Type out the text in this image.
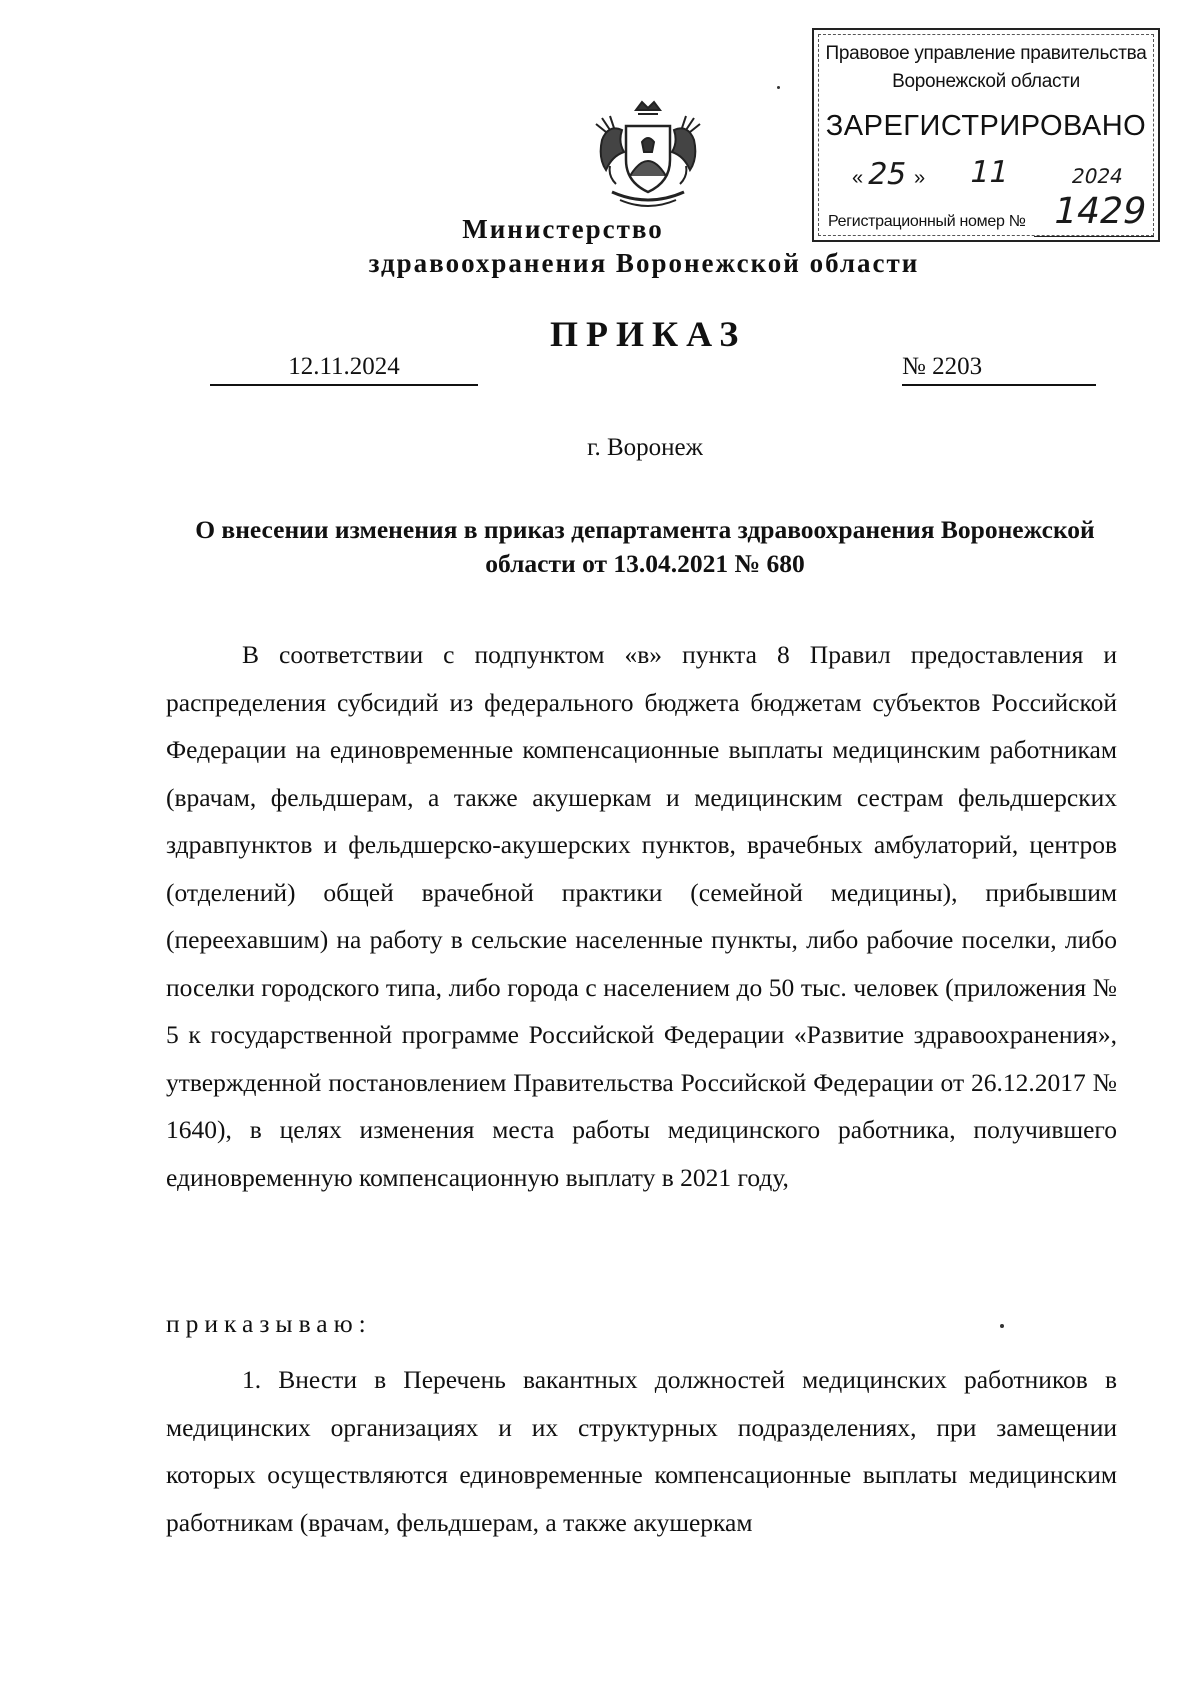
Правовое управление правительства
Воронежской области
ЗАРЕГИСТРИРОВАНО
« 25 » 11	2024
Регистрационный номер № 1429
Министерство
здравоохранения Воронежской области
ПРИКАЗ
12.11.2024	№ 2203
г. Воронеж
О внесении изменения в приказ департамента здравоохранения Воронежской области от 13.04.2021 № 680
В соответствии с подпунктом «в» пункта 8 Правил предоставления и распределения субсидий из федерального бюджета бюджетам субъектов Российской Федерации на единовременные компенсационные выплаты медицинским работникам (врачам, фельдшерам, а также акушеркам и медицинским сестрам фельдшерских здравпунктов и фельдшерско-акушерских пунктов, врачебных амбулаторий, центров (отделений) общей врачебной практики (семейной медицины), прибывшим (переехавшим) на работу в сельские населенные пункты, либо рабочие поселки, либо поселки городского типа, либо города с населением до 50 тыс. человек (приложения № 5 к государственной программе Российской Федерации «Развитие здравоохранения», утвержденной постановлением Правительства Российской Федерации от 26.12.2017 № 1640), в целях изменения места работы медицинского работника, получившего единовременную компенсационную выплату в 2021 году,
приказываю:
1. Внести в Перечень вакантных должностей медицинских работников в медицинских организациях и их структурных подразделениях, при замещении которых осуществляются единовременные компенсационные выплаты медицинским работникам (врачам, фельдшерам, а также акушеркам
